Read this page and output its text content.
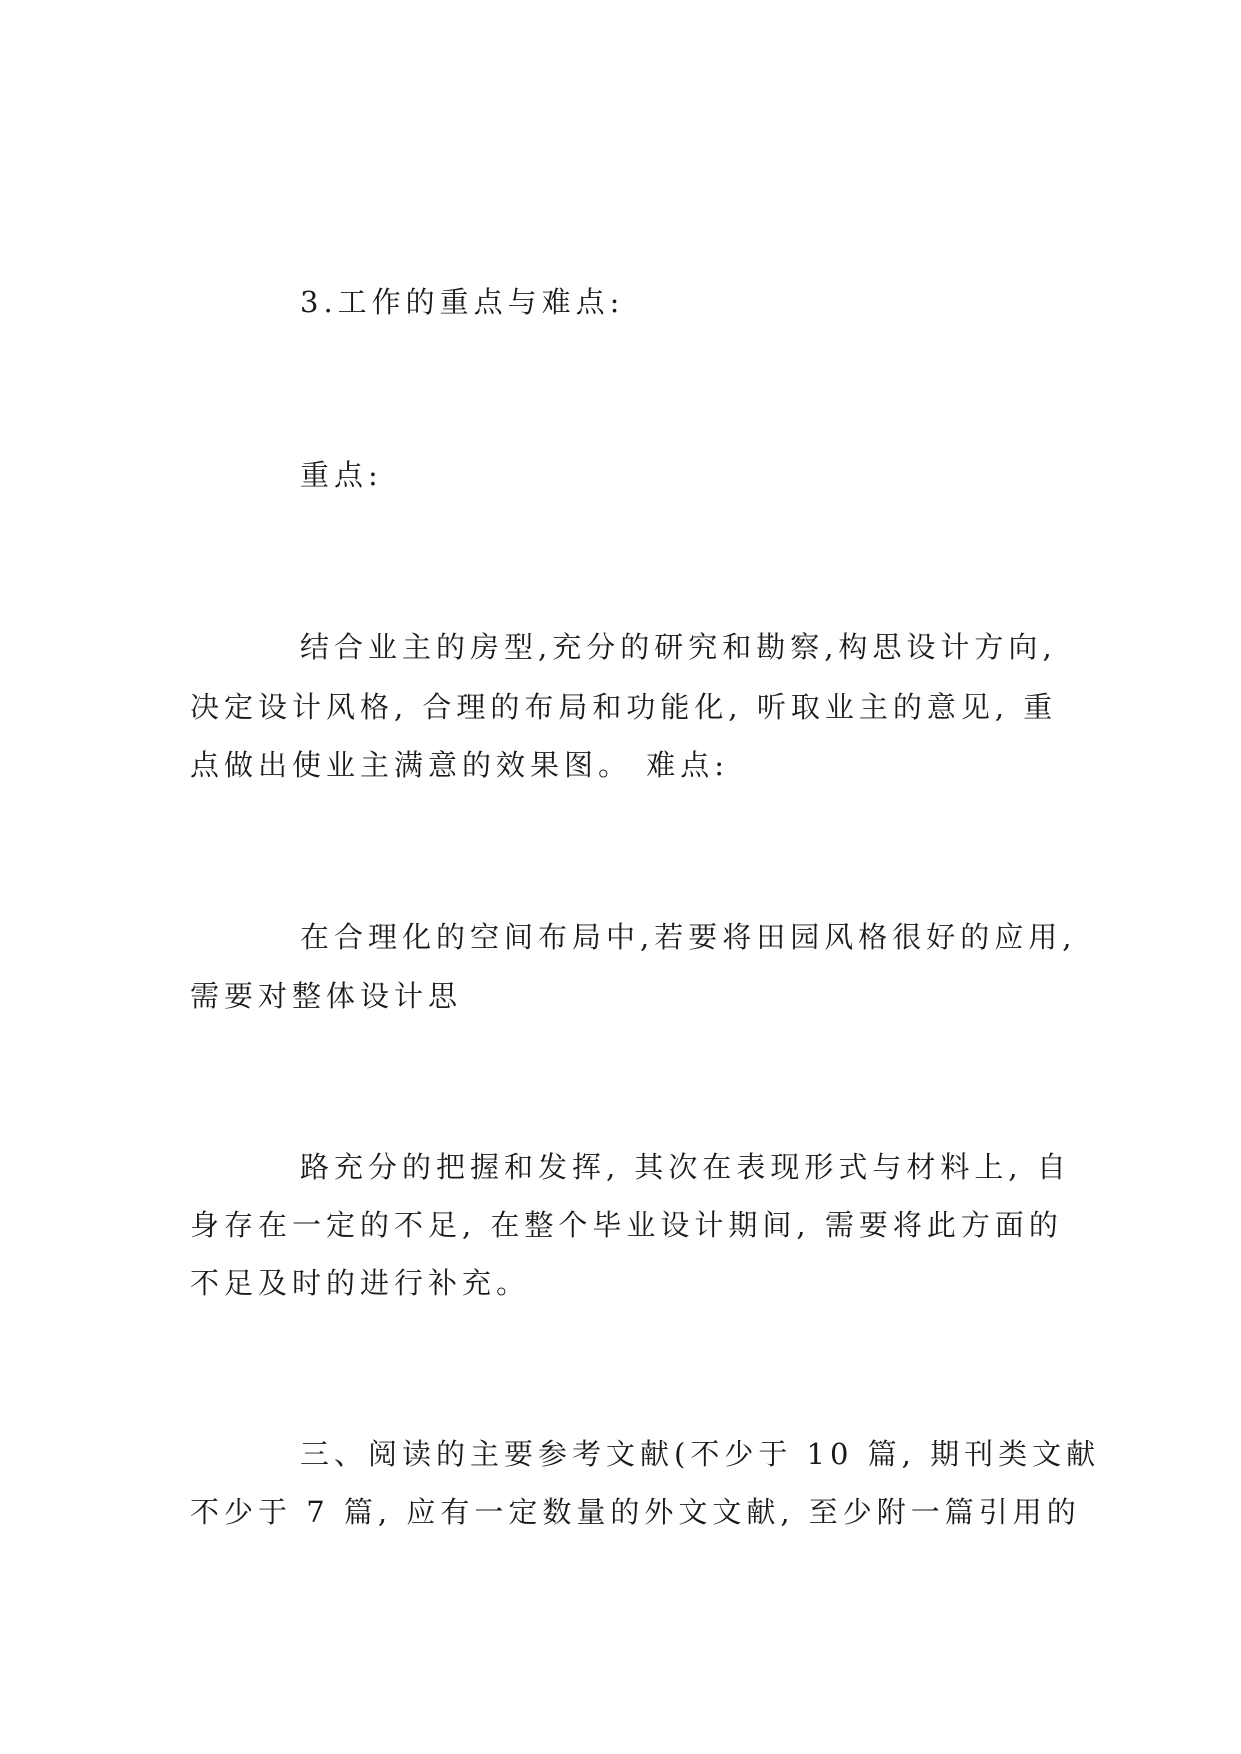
3.工作的重点与难点:

重点:

结合业主的房型,充分的研究和勘察,构思设计方向,

决定设计风格, 合理的布局和功能化, 听取业主的意见, 重

点做出使业主满意的效果图。 难点:

在合理化的空间布局中,若要将田园风格很好的应用,

需要对整体设计思

路充分的把握和发挥, 其次在表现形式与材料上, 自

身存在一定的不足, 在整个毕业设计期间, 需要将此方面的

不足及时的进行补充。

三、阅读的主要参考文献(不少于 10 篇, 期刊类文献

不少于 7 篇, 应有一定数量的外文文献, 至少附一篇引用的
